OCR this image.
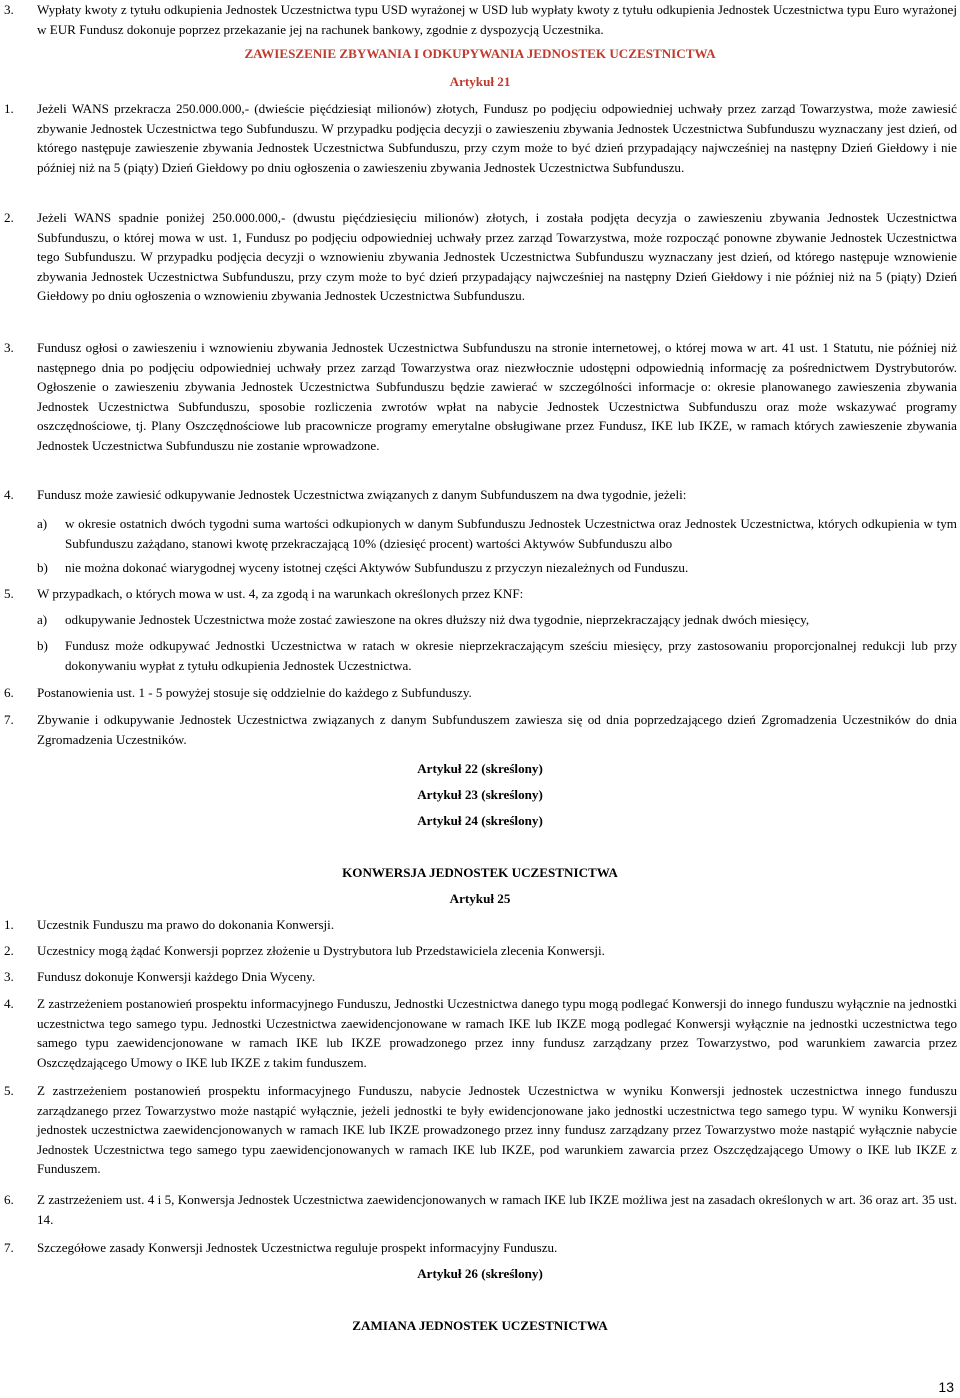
3. Wypłaty kwoty z tytułu odkupienia Jednostek Uczestnictwa typu USD wyrażonej w USD lub wypłaty kwoty z tytułu odkupienia Jednostek Uczestnictwa typu Euro wyrażonej w EUR Fundusz dokonuje poprzez przekazanie jej na rachunek bankowy, zgodnie z dyspozycją Uczestnika.
ZAWIESZENIE ZBYWANIA I ODKUPYWANIA JEDNOSTEK UCZESTNICTWA
Artykuł 21
1. Jeżeli WANS przekracza 250.000.000,- (dwieście pięćdziesiąt milionów) złotych, Fundusz po podjęciu odpowiedniej uchwały przez zarząd Towarzystwa, może zawiesić zbywanie Jednostek Uczestnictwa tego Subfunduszu. W przypadku podjęcia decyzji o zawieszeniu zbywania Jednostek Uczestnictwa Subfunduszu wyznaczany jest dzień, od którego następuje zawieszenie zbywania Jednostek Uczestnictwa Subfunduszu, przy czym może to być dzień przypadający najwcześniej na następny Dzień Giełdowy i nie później niż na 5 (piąty) Dzień Giełdowy po dniu ogłoszenia o zawieszeniu zbywania Jednostek Uczestnictwa Subfunduszu.
2. Jeżeli WANS spadnie poniżej 250.000.000,- (dwustu pięćdziesięciu milionów) złotych, i została podjęta decyzja o zawieszeniu zbywania Jednostek Uczestnictwa Subfunduszu, o której mowa w ust. 1, Fundusz po podjęciu odpowiedniej uchwały przez zarząd Towarzystwa, może rozpocząć ponowne zbywanie Jednostek Uczestnictwa tego Subfunduszu. W przypadku podjęcia decyzji o wznowieniu zbywania Jednostek Uczestnictwa Subfunduszu wyznaczany jest dzień, od którego następuje wznowienie zbywania Jednostek Uczestnictwa Subfunduszu, przy czym może to być dzień przypadający najwcześniej na następny Dzień Giełdowy i nie później niż na 5 (piąty) Dzień Giełdowy po dniu ogłoszenia o wznowieniu zbywania Jednostek Uczestnictwa Subfunduszu.
3. Fundusz ogłosi o zawieszeniu i wznowieniu zbywania Jednostek Uczestnictwa Subfunduszu na stronie internetowej, o której mowa w art. 41 ust. 1 Statutu, nie później niż następnego dnia po podjęciu odpowiedniej uchwały przez zarząd Towarzystwa oraz niezwłocznie udostępni odpowiednią informację za pośrednictwem Dystrybutorów. Ogłoszenie o zawieszeniu zbywania Jednostek Uczestnictwa Subfunduszu będzie zawierać w szczególności informacje o: okresie planowanego zawieszenia zbywania Jednostek Uczestnictwa Subfunduszu, sposobie rozliczenia zwrotów wpłat na nabycie Jednostek Uczestnictwa Subfunduszu oraz może wskazywać programy oszczędnościowe, tj. Plany Oszczędnościowe lub pracownicze programy emerytalne obsługiwane przez Fundusz, IKE lub IKZE, w ramach których zawieszenie zbywania Jednostek Uczestnictwa Subfunduszu nie zostanie wprowadzone.
4. Fundusz może zawiesić odkupywanie Jednostek Uczestnictwa związanych z danym Subfunduszem na dwa tygodnie, jeżeli:
a) w okresie ostatnich dwóch tygodni suma wartości odkupionych w danym Subfunduszu Jednostek Uczestnictwa oraz Jednostek Uczestnictwa, których odkupienia w tym Subfunduszu zażądano, stanowi kwotę przekraczającą 10% (dziesięć procent) wartości Aktywów Subfunduszu albo
b) nie można dokonać wiarygodnej wyceny istotnej części Aktywów Subfunduszu z przyczyn niezależnych od Funduszu.
5. W przypadkach, o których mowa w ust. 4, za zgodą i na warunkach określonych przez KNF:
a) odkupywanie Jednostek Uczestnictwa może zostać zawieszone na okres dłuższy niż dwa tygodnie, nieprzekraczający jednak dwóch miesięcy,
b) Fundusz może odkupywać Jednostki Uczestnictwa w ratach w okresie nieprzekraczającym sześciu miesięcy, przy zastosowaniu proporcjonalnej redukcji lub przy dokonywaniu wypłat z tytułu odkupienia Jednostek Uczestnictwa.
6. Postanowienia ust. 1 - 5 powyżej stosuje się oddzielnie do każdego z Subfunduszy.
7. Zbywanie i odkupywanie Jednostek Uczestnictwa związanych z danym Subfunduszem zawiesza się od dnia poprzedzającego dzień Zgromadzenia Uczestników do dnia Zgromadzenia Uczestników.
Artykuł 22 (skreślony)
Artykuł 23 (skreślony)
Artykuł 24 (skreślony)
KONWERSJA JEDNOSTEK UCZESTNICTWA
Artykuł 25
1. Uczestnik Funduszu ma prawo do dokonania Konwersji.
2. Uczestnicy mogą żądać Konwersji poprzez złożenie u Dystrybutora lub Przedstawiciela zlecenia Konwersji.
3. Fundusz dokonuje Konwersji każdego Dnia Wyceny.
4. Z zastrzeżeniem postanowień prospektu informacyjnego Funduszu, Jednostki Uczestnictwa danego typu mogą podlegać Konwersji do innego funduszu wyłącznie na jednostki uczestnictwa tego samego typu. Jednostki Uczestnictwa zaewidencjonowane w ramach IKE lub IKZE mogą podlegać Konwersji wyłącznie na jednostki uczestnictwa tego samego typu zaewidencjonowane w ramach IKE lub IKZE prowadzonego przez inny fundusz zarządzany przez Towarzystwo, pod warunkiem zawarcia przez Oszczędzającego Umowy o IKE lub IKZE z takim funduszem.
5. Z zastrzeżeniem postanowień prospektu informacyjnego Funduszu, nabycie Jednostek Uczestnictwa w wyniku Konwersji jednostek uczestnictwa innego funduszu zarządzanego przez Towarzystwo może nastąpić wyłącznie, jeżeli jednostki te były ewidencjonowane jako jednostki uczestnictwa tego samego typu. W wyniku Konwersji jednostek uczestnictwa zaewidencjonowanych w ramach IKE lub IKZE prowadzonego przez inny fundusz zarządzany przez Towarzystwo może nastąpić wyłącznie nabycie Jednostek Uczestnictwa tego samego typu zaewidencjonowanych w ramach IKE lub IKZE, pod warunkiem zawarcia przez Oszczędzającego Umowy o IKE lub IKZE z Funduszem.
6. Z zastrzeżeniem ust. 4 i 5, Konwersja Jednostek Uczestnictwa zaewidencjonowanych w ramach IKE lub IKZE możliwa jest na zasadach określonych w art. 36 oraz art. 35 ust. 14.
7. Szczegółowe zasady Konwersji Jednostek Uczestnictwa reguluje prospekt informacyjny Funduszu.
Artykuł 26 (skreślony)
ZAMIANA JEDNOSTEK UCZESTNICTWA
13
